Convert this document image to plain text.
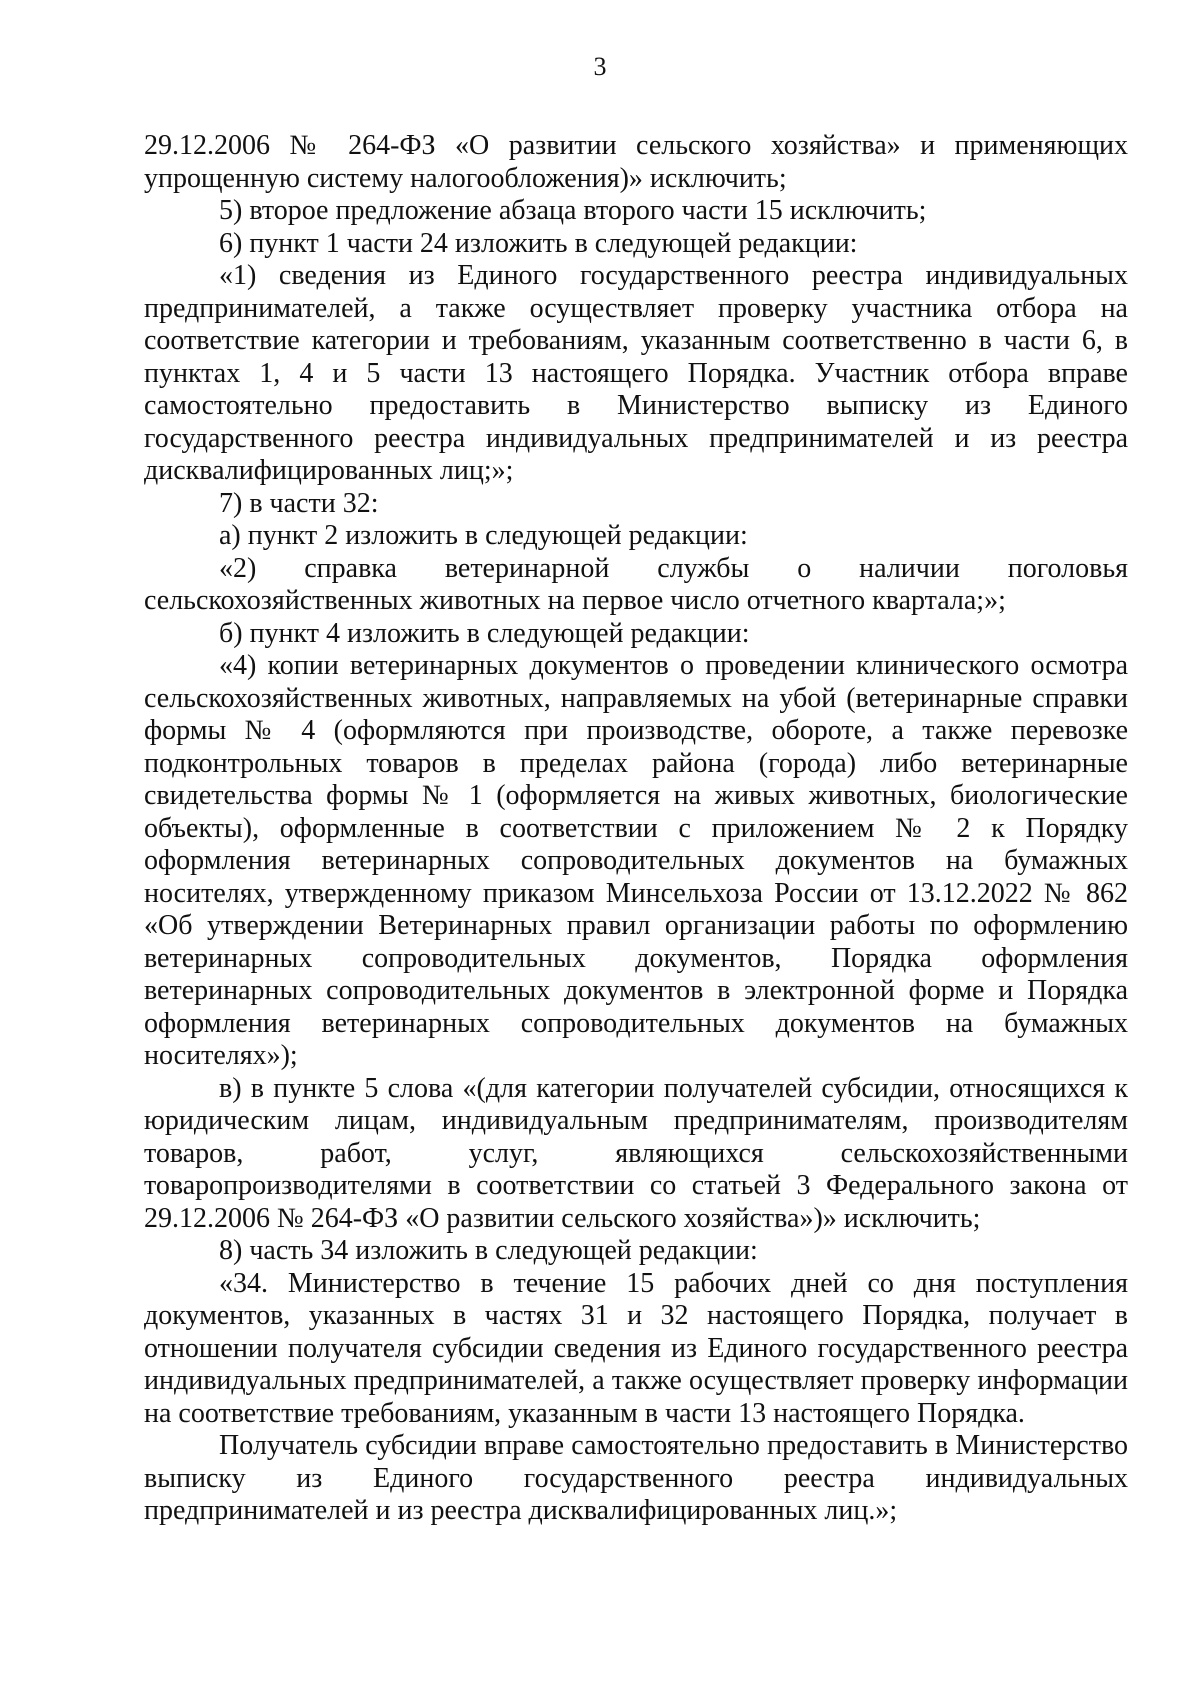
3

29.12.2006 № 264-ФЗ «О развитии сельского хозяйства» и применяющих упрощенную систему налогообложения)» исключить;

5) второе предложение абзаца второго части 15 исключить;

6) пункт 1 части 24 изложить в следующей редакции:

«1) сведения из Единого государственного реестра индивидуальных предпринимателей, а также осуществляет проверку участника отбора на соответствие категории и требованиям, указанным соответственно в части 6, в пунктах 1, 4 и 5 части 13 настоящего Порядка. Участник отбора вправе самостоятельно предоставить в Министерство выписку из Единого государственного реестра индивидуальных предпринимателей и из реестра дисквалифицированных лиц;»;

7) в части 32:

а) пункт 2 изложить в следующей редакции:

«2) справка ветеринарной службы о наличии поголовья сельскохозяйственных животных на первое число отчетного квартала;»;

б) пункт 4 изложить в следующей редакции:

«4) копии ветеринарных документов о проведении клинического осмотра сельскохозяйственных животных, направляемых на убой (ветеринарные справки формы № 4 (оформляются при производстве, обороте, а также перевозке подконтрольных товаров в пределах района (города) либо ветеринарные свидетельства формы № 1 (оформляется на живых животных, биологические объекты), оформленные в соответствии с приложением № 2 к Порядку оформления ветеринарных сопроводительных документов на бумажных носителях, утвержденному приказом Минсельхоза России от 13.12.2022 № 862 «Об утверждении Ветеринарных правил организации работы по оформлению ветеринарных сопроводительных документов, Порядка оформления ветеринарных сопроводительных документов в электронной форме и Порядка оформления ветеринарных сопроводительных документов на бумажных носителях»);

в) в пункте 5 слова «(для категории получателей субсидии, относящихся к юридическим лицам, индивидуальным предпринимателям, производителям товаров, работ, услуг, являющихся сельскохозяйственными товаропроизводителями в соответствии со статьей 3 Федерального закона от 29.12.2006 № 264-ФЗ «О развитии сельского хозяйства»)» исключить;

8) часть 34 изложить в следующей редакции:

«34. Министерство в течение 15 рабочих дней со дня поступления документов, указанных в частях 31 и 32 настоящего Порядка, получает в отношении получателя субсидии сведения из Единого государственного реестра индивидуальных предпринимателей, а также осуществляет проверку информации на соответствие требованиям, указанным в части 13 настоящего Порядка.

Получатель субсидии вправе самостоятельно предоставить в Министерство выписку из Единого государственного реестра индивидуальных предпринимателей и из реестра дисквалифицированных лиц.»;
